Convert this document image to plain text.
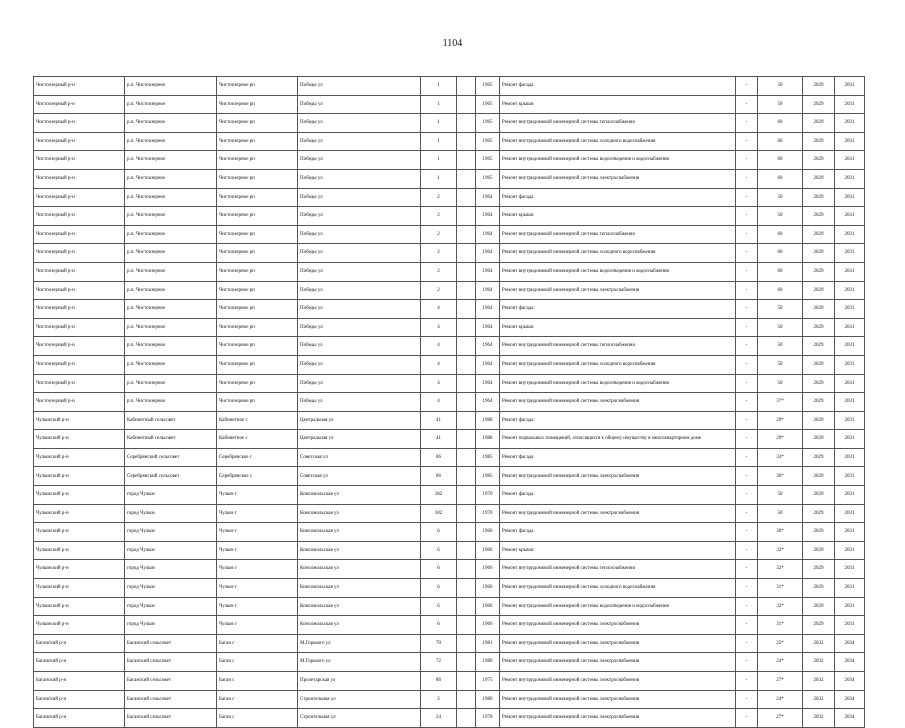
1104
Чистоозерный р-н	р.п. Чистоозерное	Чистоозерное рп	Победы ул	1		1965	Ремонт фасада	-	50	2029	2031
Чистоозерный р-н	р.п. Чистоозерное	Чистоозерное рп	Победы ул	1		1965	Ремонт крыши	-	50	2029	2031
Чистоозерный р-н	р.п. Чистоозерное	Чистоозерное рп	Победы ул	1		1965	Ремонт внутридомовой инженерной системы теплоснабжения	-	60	2029	2031
Чистоозерный р-н	р.п. Чистоозерное	Чистоозерное рп	Победы ул	1		1965	Ремонт внутридомовой инженерной системы холодного водоснабжения	-	60	2029	2031
Чистоозерный р-н	р.п. Чистоозерное	Чистоозерное рп	Победы ул	1		1965	Ремонт внутридомовой инженерной системы водоотведения и водоснабжения	-	60	2029	2031
Чистоозерный р-н	р.п. Чистоозерное	Чистоозерное рп	Победы ул	1		1965	Ремонт внутридомовой инженерной системы электроснабжения	-	60	2029	2031
Чистоозерный р-н	р.п. Чистоозерное	Чистоозерное рп	Победы ул	2		1964	Ремонт фасада	-	50	2029	2031
Чистоозерный р-н	р.п. Чистоозерное	Чистоозерное рп	Победы ул	2		1964	Ремонт крыши	-	50	2029	2031
Чистоозерный р-н	р.п. Чистоозерное	Чистоозерное рп	Победы ул	2		1964	Ремонт внутридомовой инженерной системы теплоснабжения	-	60	2029	2031
Чистоозерный р-н	р.п. Чистоозерное	Чистоозерное рп	Победы ул	2		1964	Ремонт внутридомовой инженерной системы холодного водоснабжения	-	60	2029	2031
Чистоозерный р-н	р.п. Чистоозерное	Чистоозерное рп	Победы ул	2		1964	Ремонт внутридомовой инженерной системы водоотведения и водоснабжения	-	60	2029	2031
Чистоозерный р-н	р.п. Чистоозерное	Чистоозерное рп	Победы ул	2		1964	Ремонт внутридомовой инженерной системы электроснабжения	-	60	2029	2031
Чистоозерный р-н	р.п. Чистоозерное	Чистоозерное рп	Победы ул	4		1964	Ремонт фасада	-	50	2029	2031
Чистоозерный р-н	р.п. Чистоозерное	Чистоозерное рп	Победы ул	4		1964	Ремонт крыши	-	50	2029	2031
Чистоозерный р-н	р.п. Чистоозерное	Чистоозерное рп	Победы ул	4		1964	Ремонт внутридомовой инженерной системы теплоснабжения	-	50	2029	2031
Чистоозерный р-н	р.п. Чистоозерное	Чистоозерное рп	Победы ул	4		1964	Ремонт внутридомовой инженерной системы холодного водоснабжения	-	50	2029	2031
Чистоозерный р-н	р.п. Чистоозерное	Чистоозерное рп	Победы ул	4		1964	Ремонт внутридомовой инженерной системы водоотведения и водоснабжения	-	50	2029	2031
Чистоозерный р-н	р.п. Чистоозерное	Чистоозерное рп	Победы ул	4		1964	Ремонт внутридомовой инженерной системы электроснабжения	-	37*	2029	2031
Чулымский р-н	Кабинетный сельсовет	Кабинетное с	Центральная ул	41		1988	Ремонт фасада	-	29*	2029	2031
Чулымский р-н	Кабинетный сельсовет	Кабинетное с	Центральная ул	41		1988	Ремонт подвальных помещений, относящихся к общему имуществу в многоквартирном доме	-	29*	2029	2031
Чулымский р-н	Серебрянский сельсовет	Серебрянское с	Советская ул	86		1985	Ремонт фасада	-	33*	2029	2031
Чулымский р-н	Серебрянский сельсовет	Серебрянское с	Советская ул	86		1985	Ремонт внутридомовой инженерной системы электроснабжения	-	36*	2029	2031
Чулымский р-н	город Чулым	Чулым г	Комсомольская ул	182		1970	Ремонт фасада	-	50	2029	2031
Чулымский р-н	город Чулым	Чулым г	Комсомольская ул	182		1970	Ремонт внутридомовой инженерной системы электроснабжения	-	50	2029	2031
Чулымский р-н	город Чулым	Чулым г	Комсомольская ул	6		1966	Ремонт фасада	-	36*	2029	2031
Чулымский р-н	город Чулым	Чулым г	Комсомольская ул	6		1966	Ремонт крыши	-	32*	2029	2031
Чулымский р-н	город Чулым	Чулым г	Комсомольская ул	6		1966	Ремонт внутридомовой инженерной системы теплоснабжения	-	32*	2029	2031
Чулымский р-н	город Чулым	Чулым г	Комсомольская ул	6		1966	Ремонт внутридомовой инженерной системы холодного водоснабжения	-	31*	2029	2031
Чулымский р-н	город Чулым	Чулым г	Комсомольская ул	6		1966	Ремонт внутридомовой инженерной системы водоотведения и водоснабжения	-	32*	2029	2031
Чулымский р-н	город Чулым	Чулым г	Комсомольская ул	6		1966	Ремонт внутридомовой инженерной системы электроснабжения	-	31*	2029	2031
Баганский р-н	Баганский сельсовет	Баган с	М.Горького ул	70		1981	Ремонт внутридомовой инженерной системы электроснабжения	-	25*	2032	2034
Баганский р-н	Баганский сельсовет	Баган с	М.Горького ул	72		1980	Ремонт внутридомовой инженерной системы электроснабжения	-	24*	2032	2034
Баганский р-н	Баганский сельсовет	Баган с	Пролетарская ул	86		1975	Ремонт внутридомовой инженерной системы электроснабжения	-	27*	2032	2034
Баганский р-н	Баганский сельсовет	Баган с	Строительная ул	2		1980	Ремонт внутридомовой инженерной системы электроснабжения	-	24*	2032	2034
Баганский р-н	Баганский сельсовет	Баган с	Строительная ул	24		1978	Ремонт внутридомовой инженерной системы электроснабжения	-	27*	2032	2034
